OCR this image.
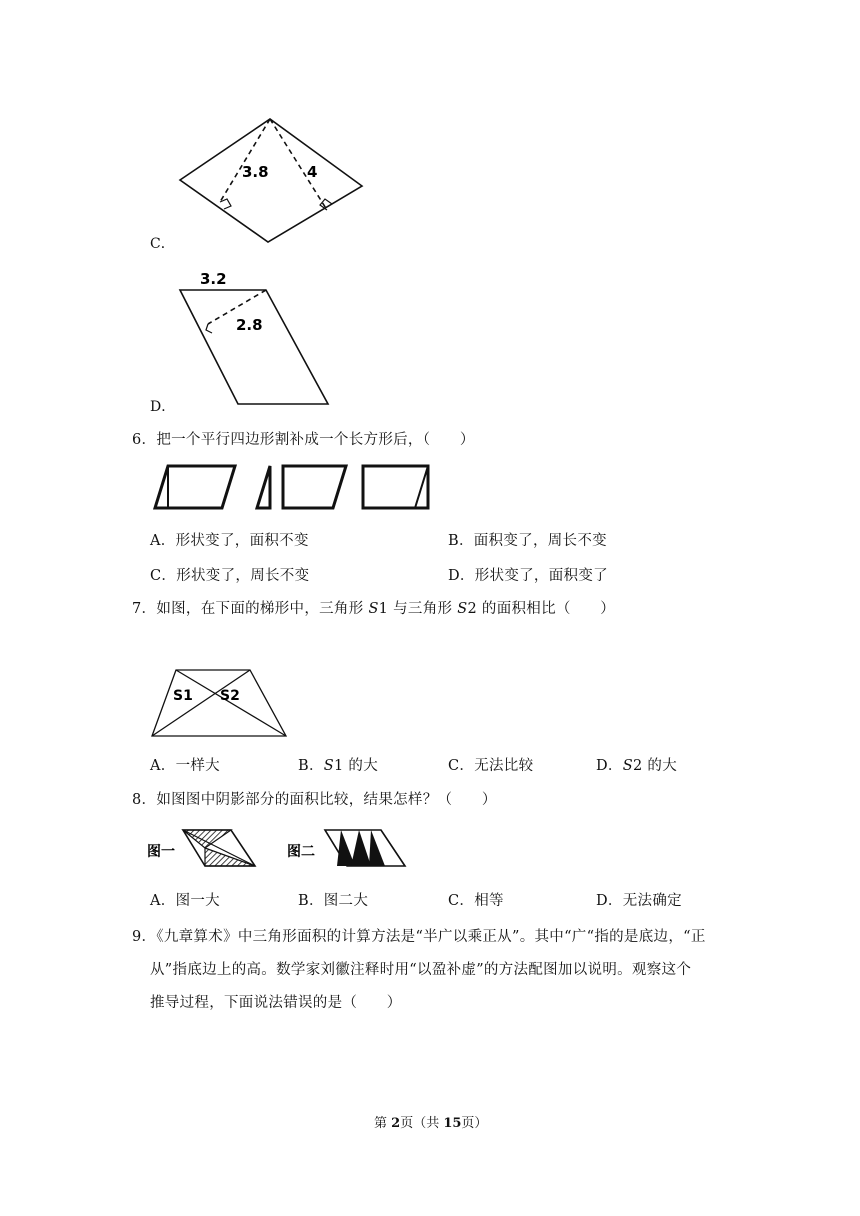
3.8	4
C．
3.2
2.8
D．
6．把一个平行四边形割补成一个长方形后，（　　）
A．形状变了，面积不变	B．面积变了，周长不变
C．形状变了，周长不变	D．形状变了，面积变了
7．如图，在下面的梯形中，三角形 S1 与三角形 S2 的面积相比（　　）
S1 S2
A．一样大	B．S1 的大	C．无法比较	D．S2 的大
8．如图图中阴影部分的面积比较，结果怎样？（　　）
图一	图二
A．图一大	B．图二大	C．相等	D．无法确定
9．《九章算术》中三角形面积的计算方法是“半广以乘正从”。其中“广“指的是底边，“正
从”指底边上的高。数学家刘徽注释时用“以盈补虚”的方法配图加以说明。观察这个
推导过程，下面说法错误的是（　　）
第 2页（共 15页）
